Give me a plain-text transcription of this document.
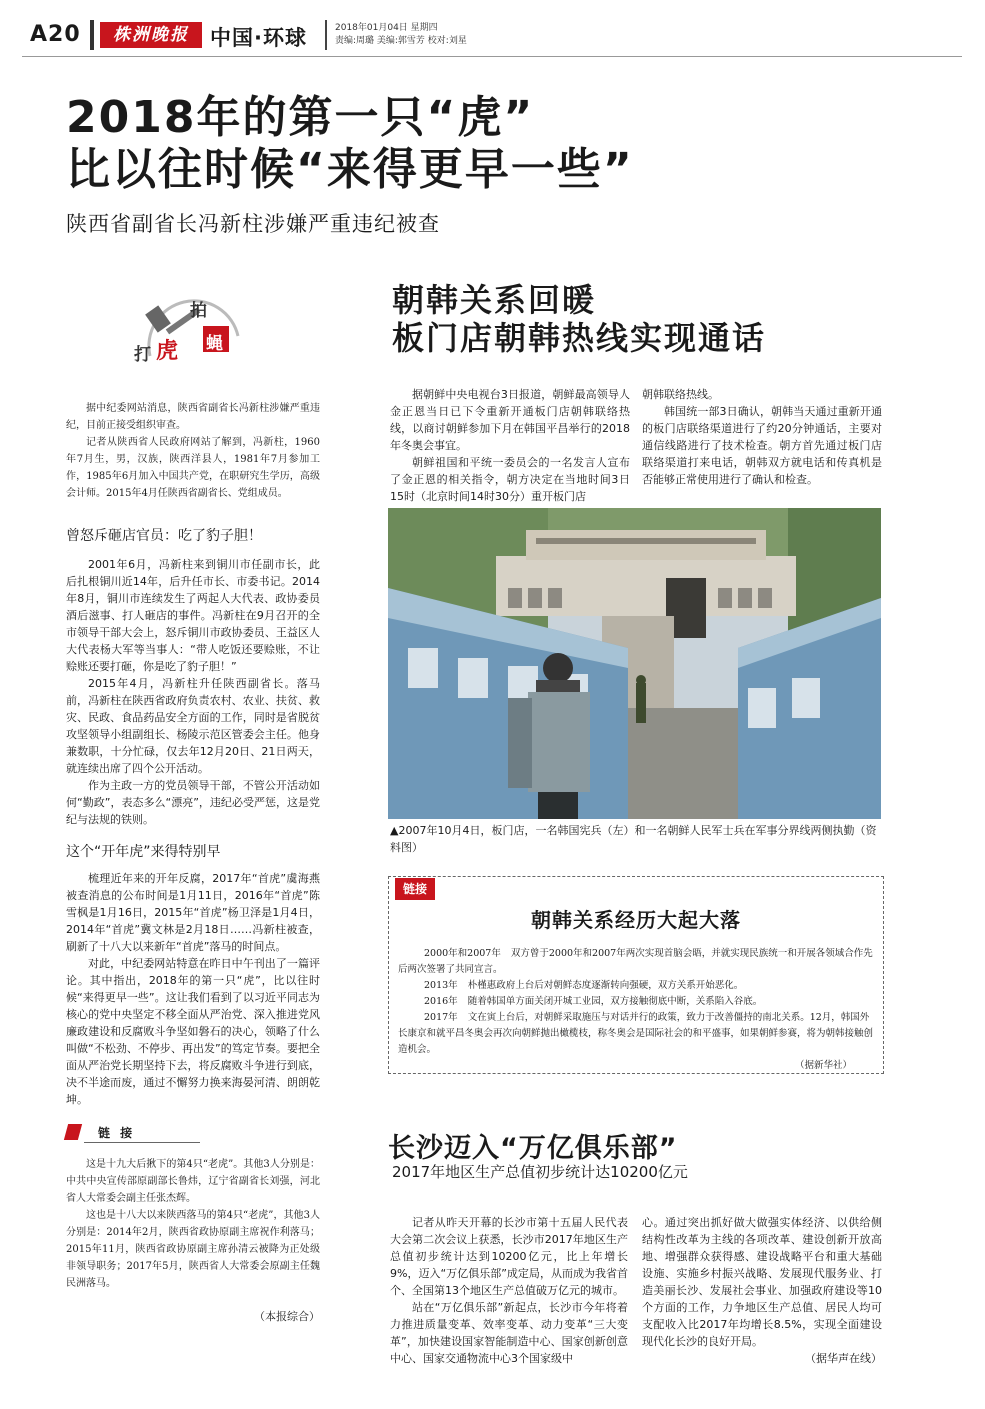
A20	株洲晚报	中国·环球	2018年01月04日 星期四
责编:周璐 美编:郭雪芳 校对:刘星
2018年的第一只“虎”
比以往时候“来得更早一些”
陕西省副省长冯新柱涉嫌严重违纪被查
拍
打 虎 蝇

据中纪委网站消息，陕西省副省长冯新柱涉嫌严重违纪，目前正接受组织审查。

记者从陕西省人民政府网站了解到，冯新柱，1960年7月生，男，汉族，陕西洋县人，1981年7月参加工作，1985年6月加入中国共产党，在职研究生学历，高级会计师。2015年4月任陕西省副省长、党组成员。

曾怒斥砸店官员：吃了豹子胆！

2001年6月，冯新柱来到铜川市任副市长，此后扎根铜川近14年，后升任市长、市委书记。2014年8月，铜川市连续发生了两起人大代表、政协委员酒后滋事、打人砸店的事件。冯新柱在9月召开的全市领导干部大会上，怒斥铜川市政协委员、王益区人大代表杨大军等当事人：“带人吃饭还要赊账，不让赊账还要打砸，你是吃了豹子胆！”

2015年4月，冯新柱升任陕西副省长。落马前，冯新柱在陕西省政府负责农村、农业、扶贫、救灾、民政、食品药品安全方面的工作，同时是省脱贫攻坚领导小组副组长、杨陵示范区管委会主任。他身兼数职，十分忙碌，仅去年12月20日、21日两天，就连续出席了四个公开活动。

作为主政一方的党员领导干部，不管公开活动如何“勤政”，表态多么“漂亮”，违纪必受严惩，这是党纪与法规的铁则。

这个“开年虎”来得特别早

梳理近年来的开年反腐，2017年“首虎”虞海燕被查消息的公布时间是1月11日，2016年“首虎”陈雪枫是1月16日，2015年“首虎”杨卫泽是1月4日，2014年“首虎”冀文林是2月18日……冯新柱被查，刷新了十八大以来新年“首虎”落马的时间点。

对此，中纪委网站特意在昨日中午刊出了一篇评论。其中指出，2018年的第一只“虎”，比以往时候“来得更早一些”。这让我们看到了以习近平同志为核心的党中央坚定不移全面从严治党、深入推进党风廉政建设和反腐败斗争坚如磐石的决心，领略了什么叫做“不松劲、不停步、再出发”的笃定节奏。要把全面从严治党长期坚持下去，将反腐败斗争进行到底，决不半途而废，通过不懈努力换来海晏河清、朗朗乾坤。

链 接

这是十九大后揪下的第4只“老虎”。其他3人分别是：中共中央宣传部原副部长鲁炜，辽宁省副省长刘强，河北省人大常委会副主任张杰辉。

这也是十八大以来陕西落马的第4只“老虎”，其他3人分别是：2014年2月，陕西省政协原副主席祝作利落马；2015年11月，陕西省政协原副主席孙清云被降为正处级非领导职务；2017年5月，陕西省人大常委会原副主任魏民洲落马。

（本报综合）
朝韩关系回暖
板门店朝韩热线实现通话

据朝鲜中央电视台3日报道，朝鲜最高领导人金正恩当日已下令重新开通板门店朝韩联络热线，以商讨朝鲜参加下月在韩国平昌举行的2018年冬奥会事宜。

朝鲜祖国和平统一委员会的一名发言人宣布了金正恩的相关指令，朝方决定在当地时间3日15时（北京时间14时30分）重开板门店

朝韩联络热线。

韩国统一部3日确认，朝韩当天通过重新开通的板门店联络渠道进行了约20分钟通话，主要对通信线路进行了技术检查。朝方首先通过板门店联络渠道打来电话，朝韩双方就电话和传真机是否能够正常使用进行了确认和检查。

▲2007年10月4日，板门店，一名韩国宪兵（左）和一名朝鲜人民军士兵在军事分界线两侧执勤（资料图）
链接
朝韩关系经历大起大落
2000年和2007年 双方曾于2000年和2007年两次实现首脑会晤，并就实现民族统一和开展各领域合作先后两次签署了共同宣言。
2013年 朴槿惠政府上台后对朝鲜态度逐渐转向强硬，双方关系开始恶化。
2016年 随着韩国单方面关闭开城工业园，双方接触彻底中断，关系陷入谷底。
2017年 文在寅上台后，对朝鲜采取施压与对话并行的政策，致力于改善僵持的南北关系。12月，韩国外长康京和就平昌冬奥会再次向朝鲜抛出橄榄枝，称冬奥会是国际社会的和平盛事，如果朝鲜参赛，将为朝韩接触创造机会。
（据新华社）
长沙迈入“万亿俱乐部”
2017年地区生产总值初步统计达10200亿元

记者从昨天开幕的长沙市第十五届人民代表大会第二次会议上获悉，长沙市2017年地区生产总值初步统计达到10200亿元，比上年增长9%，迈入“万亿俱乐部”成定局，从而成为我省首个、全国第13个地区生产总值破万亿元的城市。

站在“万亿俱乐部”新起点，长沙市今年将着力推进质量变革、效率变革、动力变革“三大变革”，加快建设国家智能制造中心、国家创新创意中心、国家交通物流中心3个国家级中

心。通过突出抓好做大做强实体经济、以供给侧结构性改革为主线的各项改革、建设创新开放高地、增强群众获得感、建设战略平台和重大基础设施、实施乡村振兴战略、发展现代服务业、打造美丽长沙、发展社会事业、加强政府建设等10个方面的工作，力争地区生产总值、居民人均可支配收入比2017年均增长8.5%，实现全面建设现代化长沙的良好开局。

（据华声在线）
